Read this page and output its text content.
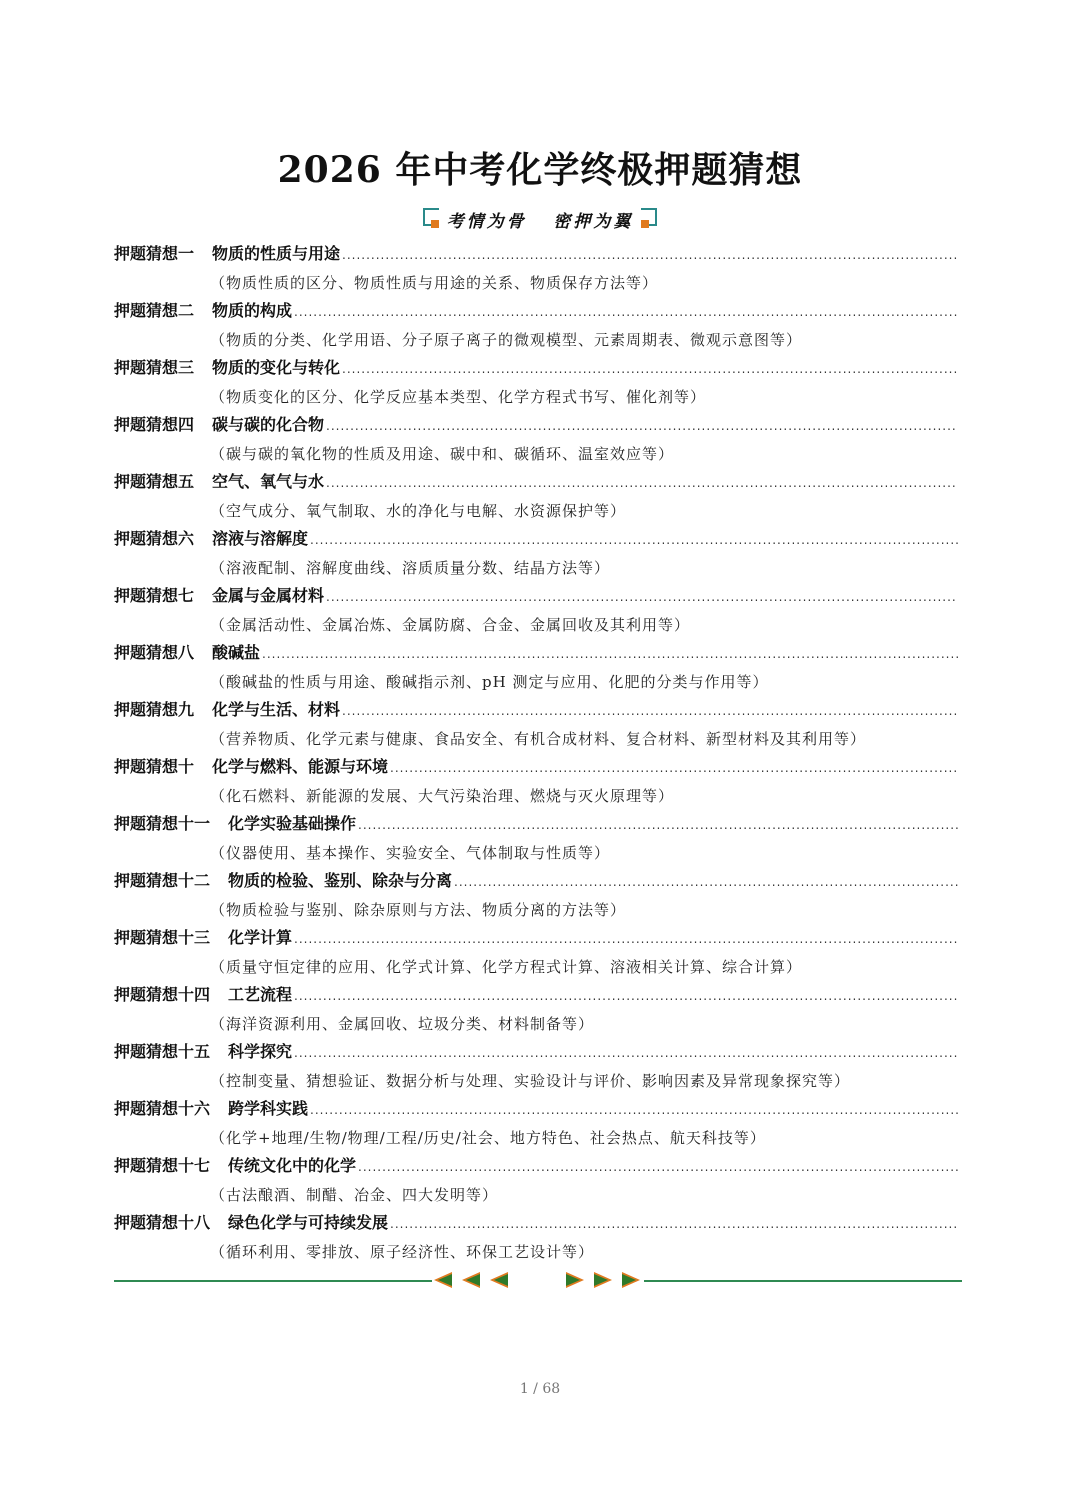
2026 年中考化学终极押题猜想
考情为骨   密押为翼
押题猜想一 物质的性质与用途
.....
（物质性质的区分、物质性质与用途的关系、物质保存方法等）
押题猜想二 物质的构成
.....
（物质的分类、化学用语、分子原子离子的微观模型、元素周期表、微观示意图等）
押题猜想三 物质的变化与转化
.....
（物质变化的区分、化学反应基本类型、化学方程式书写、催化剂等）
押题猜想四 碳与碳的化合物
.....
（碳与碳的氧化物的性质及用途、碳中和、碳循环、温室效应等）
押题猜想五 空气、氧气与水
.....
（空气成分、氧气制取、水的净化与电解、水资源保护等）
押题猜想六 溶液与溶解度
.....
（溶液配制、溶解度曲线、溶质质量分数、结晶方法等）
押题猜想七 金属与金属材料
.....
（金属活动性、金属冶炼、金属防腐、合金、金属回收及其利用等）
押题猜想八 酸碱盐
.....
（酸碱盐的性质与用途、酸碱指示剂、pH 测定与应用、化肥的分类与作用等）
押题猜想九 化学与生活、材料
.....
（营养物质、化学元素与健康、食品安全、有机合成材料、复合材料、新型材料及其利用等）
押题猜想十 化学与燃料、能源与环境
.....
（化石燃料、新能源的发展、大气污染治理、燃烧与灭火原理等）
押题猜想十一 化学实验基础操作
.....
（仪器使用、基本操作、实验安全、气体制取与性质等）
押题猜想十二 物质的检验、鉴别、除杂与分离
.....
（物质检验与鉴别、除杂原则与方法、物质分离的方法等）
押题猜想十三 化学计算
.....
（质量守恒定律的应用、化学式计算、化学方程式计算、溶液相关计算、综合计算）
押题猜想十四 工艺流程
.....
（海洋资源利用、金属回收、垃圾分类、材料制备等）
押题猜想十五 科学探究
.....
（控制变量、猜想验证、数据分析与处理、实验设计与评价、影响因素及异常现象探究等）
押题猜想十六 跨学科实践
.....
（化学+地理/生物/物理/工程/历史/社会、地方特色、社会热点、航天科技等）
押题猜想十七 传统文化中的化学
.....
（古法酿酒、制醋、冶金、四大发明等）
押题猜想十八 绿色化学与可持续发展
.....
（循环利用、零排放、原子经济性、环保工艺设计等）
1 / 68
